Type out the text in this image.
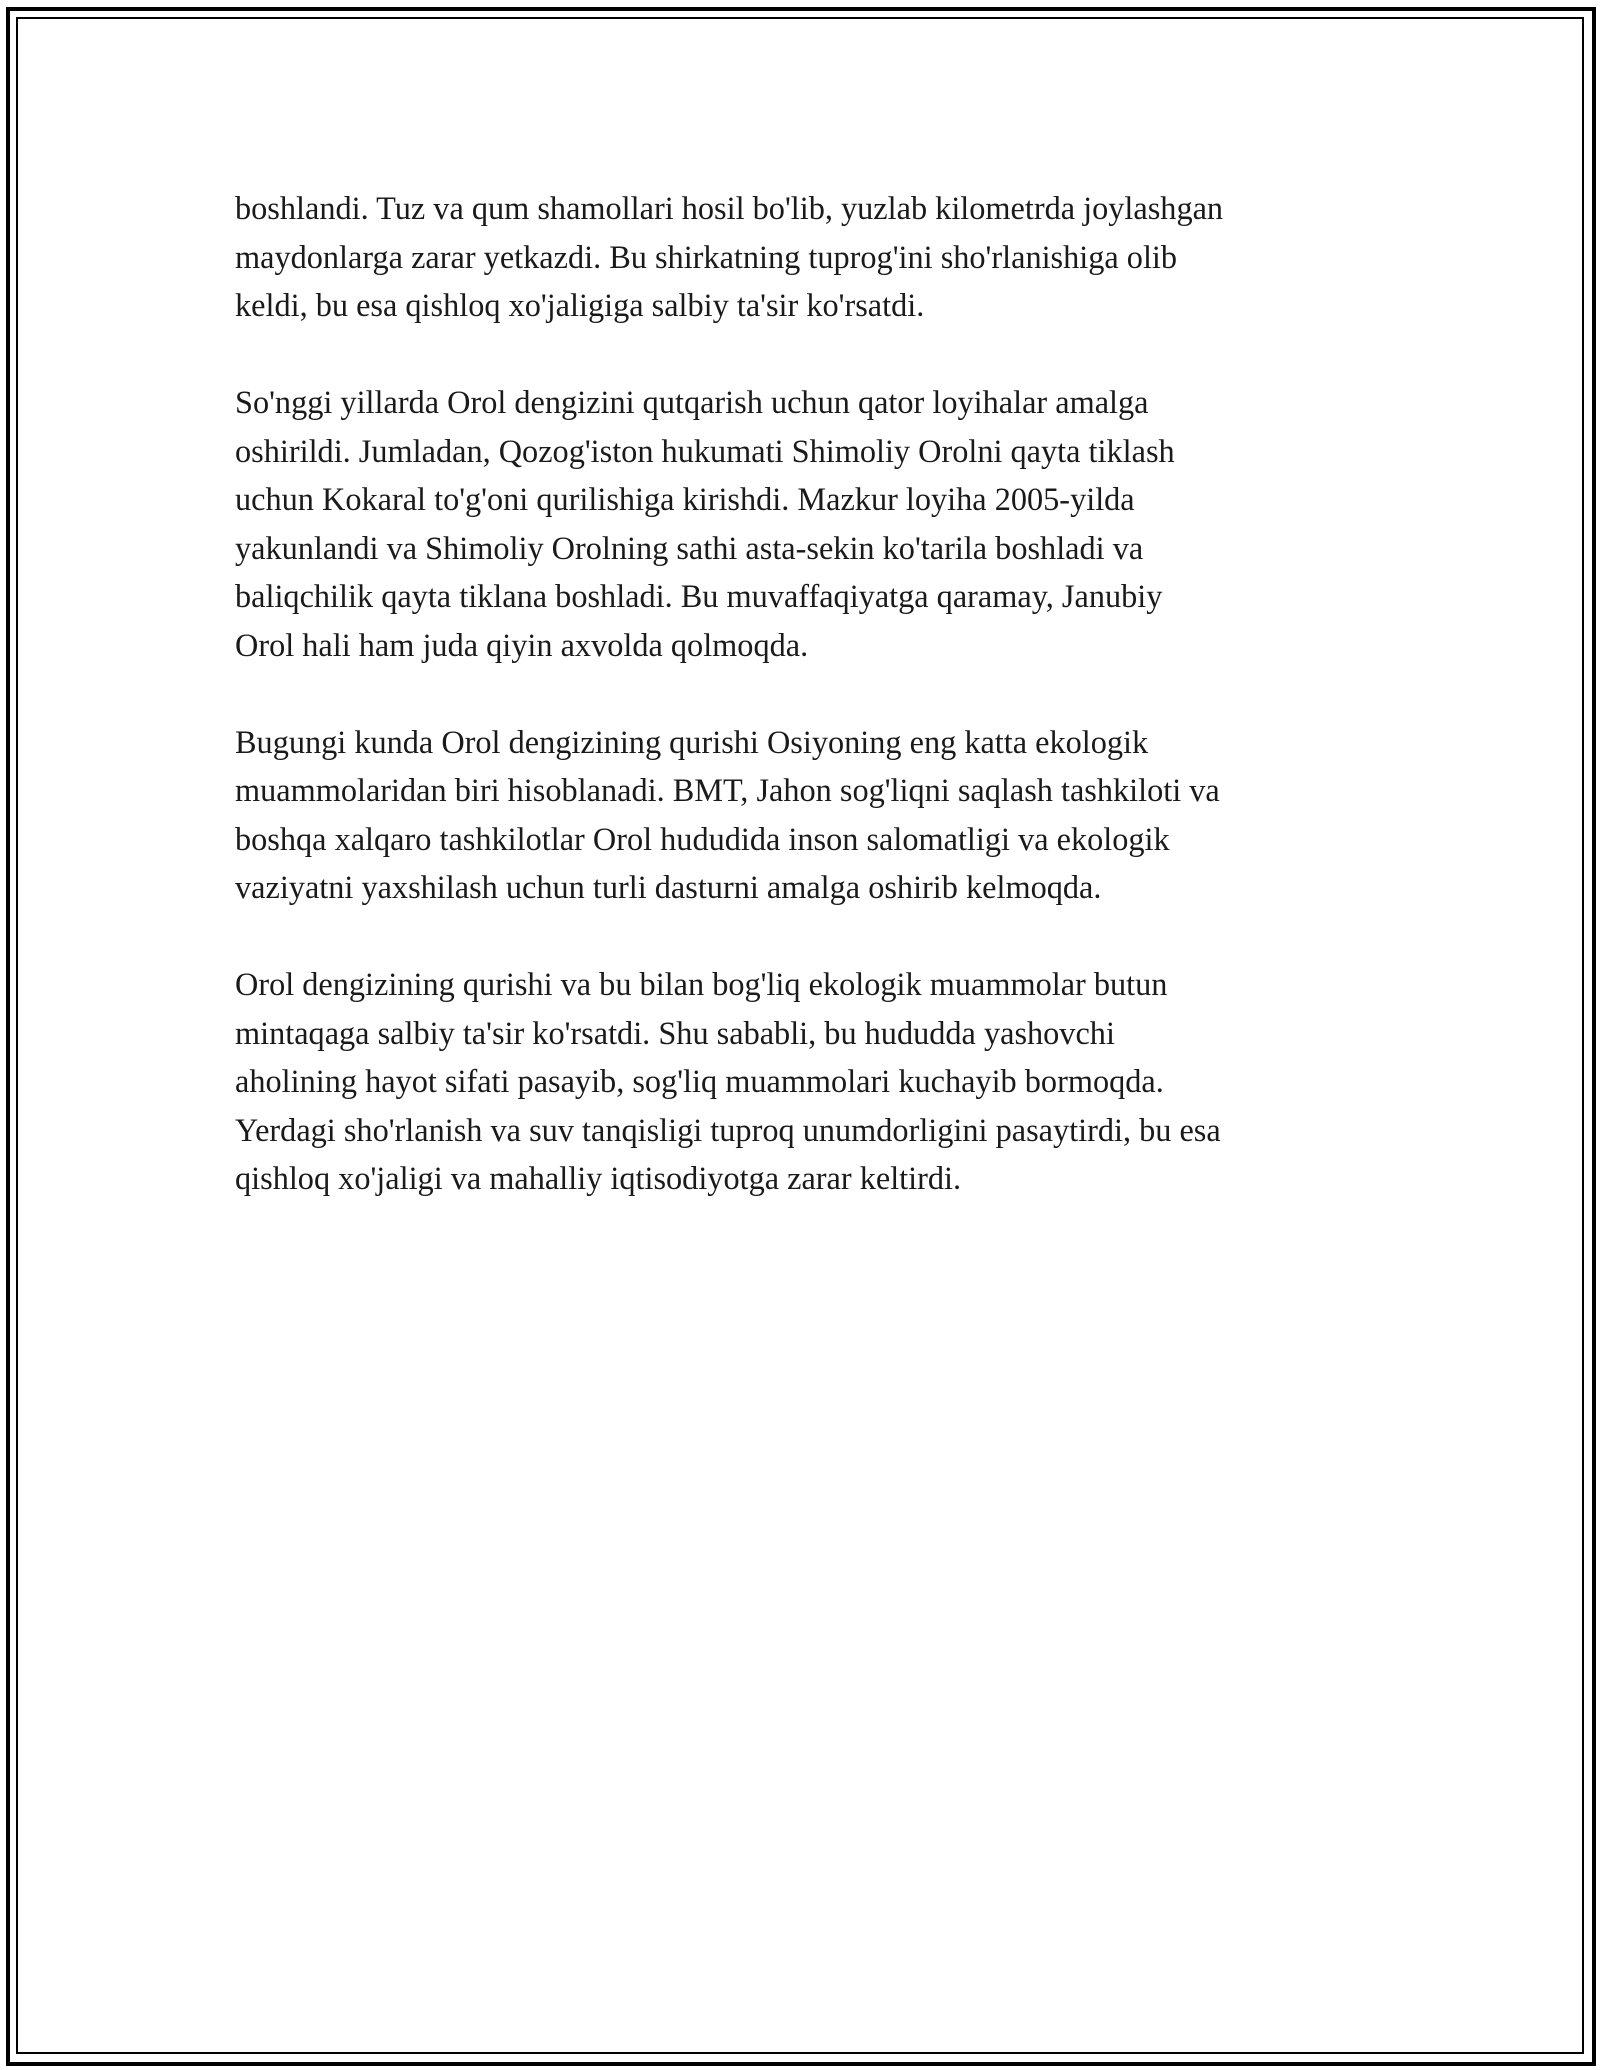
boshlandi. Tuz va qum shamollari hosil bo'lib, yuzlab kilometrda joylashgan
maydonlarga zarar yetkazdi. Bu shirkatning tuprog'ini sho'rlanishiga olib
keldi, bu esa qishloq xo'jaligiga salbiy ta'sir ko'rsatdi.

So'nggi yillarda Orol dengizini qutqarish uchun qator loyihalar amalga
oshirildi. Jumladan, Qozog'iston hukumati Shimoliy Orolni qayta tiklash
uchun Kokaral to'g'oni qurilishiga kirishdi. Mazkur loyiha 2005-yilda
yakunlandi va Shimoliy Orolning sathi asta-sekin ko'tarila boshladi va
baliqchilik qayta tiklana boshladi. Bu muvaffaqiyatga qaramay, Janubiy
Orol hali ham juda qiyin axvolda qolmoqda.

Bugungi kunda Orol dengizining qurishi Osiyoning eng katta ekologik
muammolaridan biri hisoblanadi. BMT, Jahon sog'liqni saqlash tashkiloti va
boshqa xalqaro tashkilotlar Orol hududida inson salomatligi va ekologik
vaziyatni yaxshilash uchun turli dasturni amalga oshirib kelmoqda.

Orol dengizining qurishi va bu bilan bog'liq ekologik muammolar butun
mintaqaga salbiy ta'sir ko'rsatdi. Shu sababli, bu hududda yashovchi
aholining hayot sifati pasayib, sog'liq muammolari kuchayib bormoqda.
Yerdagi sho'rlanish va suv tanqisligi tuproq unumdorligini pasaytirdi, bu esa
qishloq xo'jaligi va mahalliy iqtisodiyotga zarar keltirdi.
